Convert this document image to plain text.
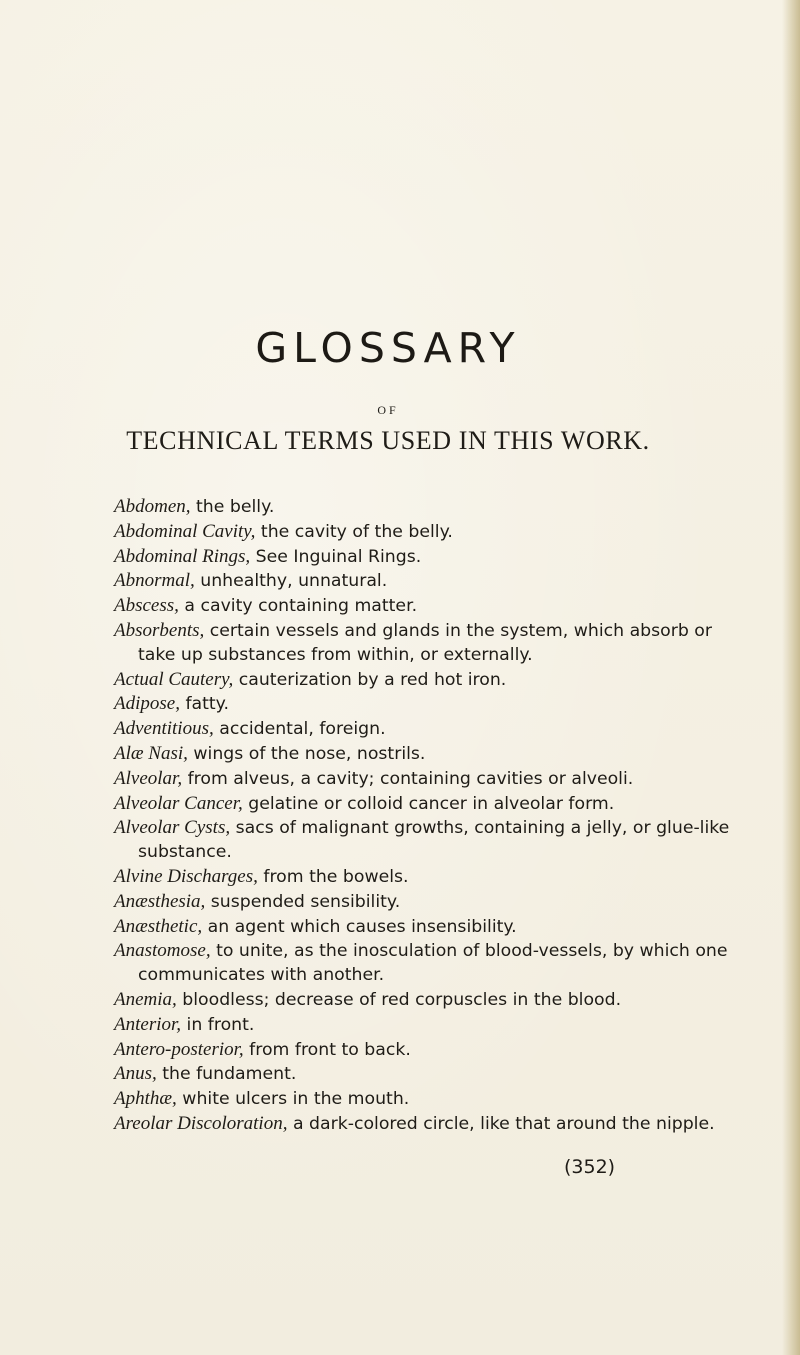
GLOSSARY
OF
TECHNICAL TERMS USED IN THIS WORK.
Abdomen, the belly.
Abdominal Cavity, the cavity of the belly.
Abdominal Rings, See Inguinal Rings.
Abnormal, unhealthy, unnatural.
Abscess, a cavity containing matter.
Absorbents, certain vessels and glands in the system, which absorb or take up substances from within, or externally.
Actual Cautery, cauterization by a red hot iron.
Adipose, fatty.
Adventitious, accidental, foreign.
Alæ Nasi, wings of the nose, nostrils.
Alveolar, from alveus, a cavity; containing cavities or alveoli.
Alveolar Cancer, gelatine or colloid cancer in alveolar form.
Alveolar Cysts, sacs of malignant growths, containing a jelly, or glue-like substance.
Alvine Discharges, from the bowels.
Anæsthesia, suspended sensibility.
Anæsthetic, an agent which causes insensibility.
Anastomose, to unite, as the inosculation of blood-vessels, by which one communicates with another.
Anemia, bloodless; decrease of red corpuscles in the blood.
Anterior, in front.
Antero-posterior, from front to back.
Anus, the fundament.
Aphthæ, white ulcers in the mouth.
Areolar Discoloration, a dark-colored circle, like that around the nipple.
(352)
